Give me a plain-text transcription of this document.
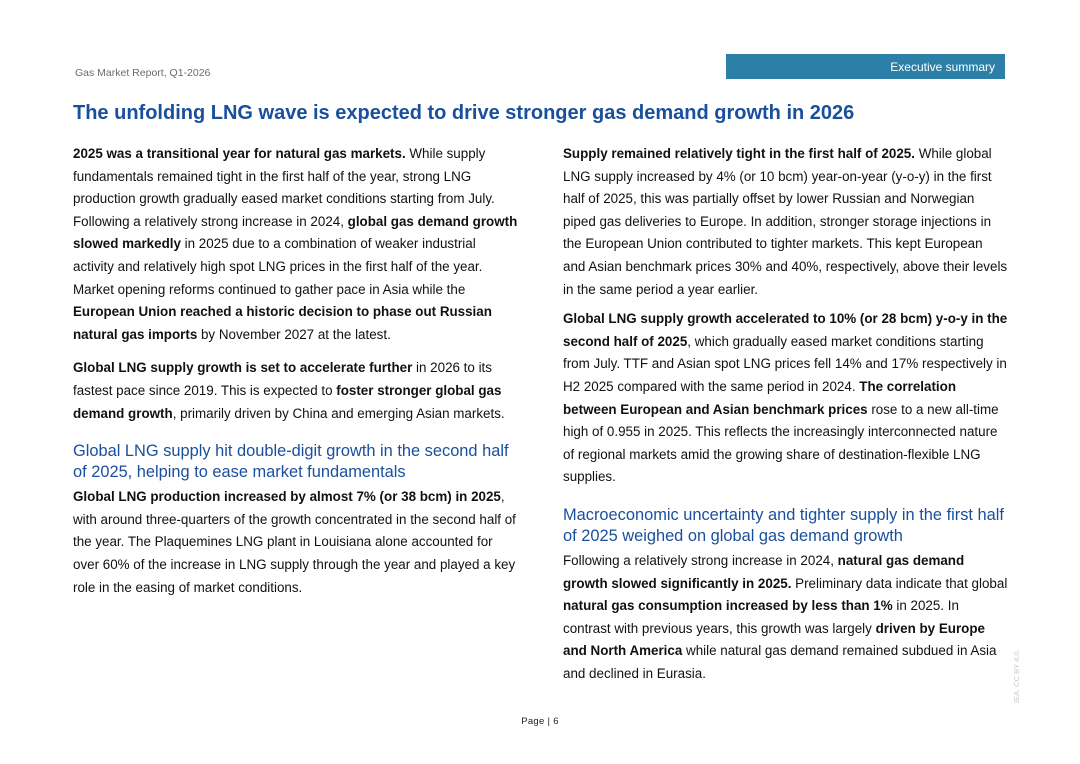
Gas Market Report, Q1-2026	Executive summary
The unfolding LNG wave is expected to drive stronger gas demand growth in 2026

2025 was a transitional year for natural gas markets. While supply fundamentals remained tight in the first half of the year, strong LNG production growth gradually eased market conditions starting from July. Following a relatively strong increase in 2024, global gas demand growth slowed markedly in 2025 due to a combination of weaker industrial activity and relatively high spot LNG prices in the first half of the year. Market opening reforms continued to gather pace in Asia while the European Union reached a historic decision to phase out Russian natural gas imports by November 2027 at the latest.

Global LNG supply growth is set to accelerate further in 2026 to its fastest pace since 2019. This is expected to foster stronger global gas demand growth, primarily driven by China and emerging Asian markets.

Global LNG supply hit double-digit growth in the second half of 2025, helping to ease market fundamentals

Global LNG production increased by almost 7% (or 38 bcm) in 2025, with around three-quarters of the growth concentrated in the second half of the year. The Plaquemines LNG plant in Louisiana alone accounted for over 60% of the increase in LNG supply through the year and played a key role in the easing of market conditions.

Supply remained relatively tight in the first half of 2025. While global LNG supply increased by 4% (or 10 bcm) year-on-year (y-o-y) in the first half of 2025, this was partially offset by lower Russian and Norwegian piped gas deliveries to Europe. In addition, stronger storage injections in the European Union contributed to tighter markets. This kept European and Asian benchmark prices 30% and 40%, respectively, above their levels in the same period a year earlier.

Global LNG supply growth accelerated to 10% (or 28 bcm) y-o-y in the second half of 2025, which gradually eased market conditions starting from July. TTF and Asian spot LNG prices fell 14% and 17% respectively in H2 2025 compared with the same period in 2024. The correlation between European and Asian benchmark prices rose to a new all-time high of 0.955 in 2025. This reflects the increasingly interconnected nature of regional markets amid the growing share of destination-flexible LNG supplies.

Macroeconomic uncertainty and tighter supply in the first half of 2025 weighed on global gas demand growth

Following a relatively strong increase in 2024, natural gas demand growth slowed significantly in 2025. Preliminary data indicate that global natural gas consumption increased by less than 1% in 2025. In contrast with previous years, this growth was largely driven by Europe and North America while natural gas demand remained subdued in Asia and declined in Eurasia.

Page | 6
IEA. CC BY 4.0.
